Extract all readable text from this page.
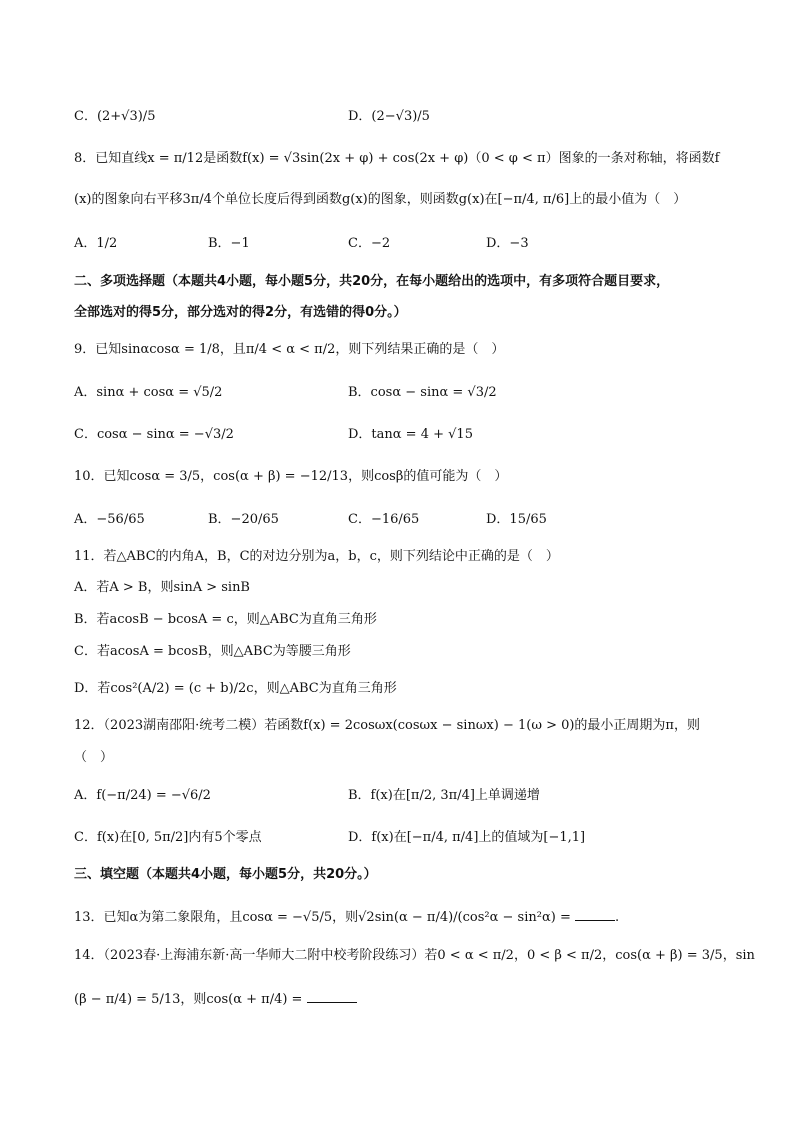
C．(2+√3)/5	D．(2−√3)/5
8．已知直线x = π/12是函数f(x) = √3sin(2x + φ) + cos(2x + φ)（0 < φ < π）图象的一条对称轴，将函数f
(x)的图象向右平移3π/4个单位长度后得到函数g(x)的图象，则函数g(x)在[−π/4, π/6]上的最小值为（　）
A．1/2	B．−1	C．−2	D．−3
二、多项选择题（本题共4小题，每小题5分，共20分，在每小题给出的选项中，有多项符合题目要求，
全部选对的得5分，部分选对的得2分，有选错的得0分。）
9．已知sinαcosα = 1/8，且π/4 < α < π/2，则下列结果正确的是（　）
A．sinα + cosα = √5/2	B．cosα − sinα = √3/2
C．cosα − sinα = −√3/2	D．tanα = 4 + √15
10．已知cosα = 3/5，cos(α + β) = −12/13，则cosβ的值可能为（　）
A．−56/65	B．−20/65	C．−16/65	D．15/65
11．若△ABC的内角A，B，C的对边分别为a，b，c，则下列结论中正确的是（　）
A．若A > B，则sinA > sinB
B．若acosB − bcosA = c，则△ABC为直角三角形
C．若acosA = bcosB，则△ABC为等腰三角形
D．若cos²(A/2) = (c + b)/2c，则△ABC为直角三角形
12．（2023湖南邵阳·统考二模）若函数f(x) = 2cosωx(cosωx − sinωx) − 1(ω > 0)的最小正周期为π，则
（　）
A．f(−π/24) = −√6/2	B．f(x)在[π/2, 3π/4]上单调递增
C．f(x)在[0, 5π/2]内有5个零点	D．f(x)在[−π/4, π/4]上的值域为[−1,1]
三、填空题（本题共4小题，每小题5分，共20分。）
13．已知α为第二象限角，且cosα = −√5/5，则√2sin(α − π/4)/(cos²α − sin²α) =	.
14．（2023春·上海浦东新·高一华师大二附中校考阶段练习）若0 < α < π/2，0 < β < π/2，cos(α + β) = 3/5，sin
(β − π/4) = 5/13，则cos(α + π/4) =
